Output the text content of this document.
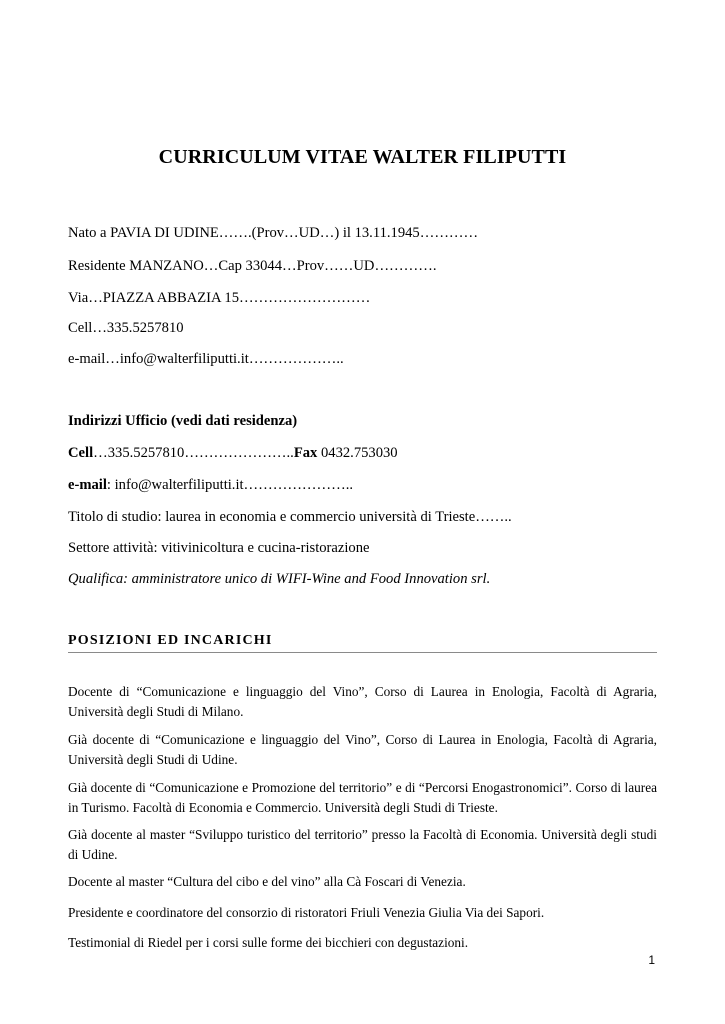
CURRICULUM VITAE WALTER FILIPUTTI

Nato a PAVIA DI UDINE…….(Prov…UD…) il 13.11.1945…………

Residente MANZANO…Cap 33044…Prov……UD………….

Via…PIAZZA ABBAZIA 15………………………

Cell…335.5257810

e-mail…info@walterfiliputti.it………………..

Indirizzi Ufficio (vedi dati residenza)

Cell…335.5257810…………………..Fax 0432.753030

e-mail: info@walterfiliputti.it…………………..

Titolo di studio: laurea in economia e commercio università di Trieste……..

Settore attività: vitivinicoltura e cucina-ristorazione

Qualifica: amministratore unico di WIFI-Wine and Food Innovation srl.

POSIZIONI ED INCARICHI

Docente di “Comunicazione e linguaggio del Vino”, Corso di Laurea in Enologia, Facoltà di Agraria, Università degli Studi di Milano.

Già docente di “Comunicazione e linguaggio del Vino”, Corso di Laurea in Enologia, Facoltà di Agraria, Università degli Studi di Udine.

Già docente di “Comunicazione e Promozione del territorio” e di “Percorsi Enogastronomici”. Corso di laurea in Turismo. Facoltà di Economia e Commercio. Università degli Studi di Trieste.

Già docente al master “Sviluppo turistico del territorio” presso la Facoltà di Economia. Università degli studi di Udine.

Docente al master “Cultura del cibo e del vino” alla Cà Foscari di Venezia.

Presidente e coordinatore del consorzio di ristoratori Friuli Venezia Giulia Via dei Sapori.

Testimonial di Riedel per i corsi sulle forme dei bicchieri con degustazioni.

1
